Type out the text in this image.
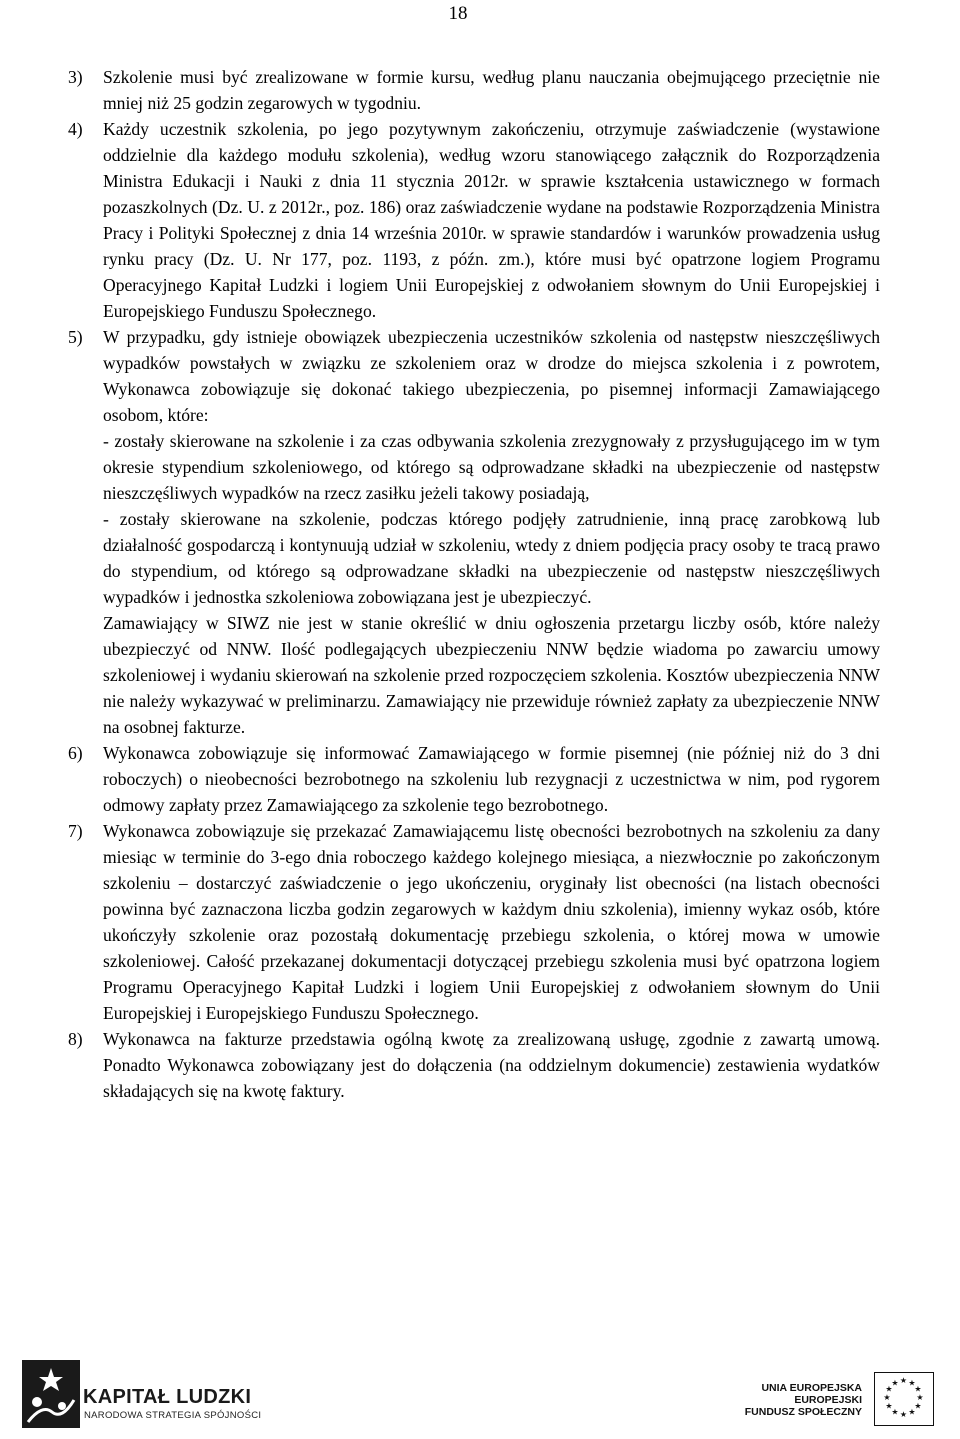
18
3)	Szkolenie musi być zrealizowane w formie kursu, według planu nauczania obejmującego przeciętnie nie mniej niż 25 godzin zegarowych w tygodniu.

4)	Każdy uczestnik szkolenia, po jego pozytywnym zakończeniu, otrzymuje zaświadczenie (wystawione oddzielnie dla każdego modułu szkolenia), według wzoru stanowiącego załącznik do Rozporządzenia Ministra Edukacji i Nauki z dnia 11 stycznia 2012r. w sprawie kształcenia ustawicznego w formach pozaszkolnych (Dz. U. z 2012r., poz. 186) oraz zaświadczenie wydane na podstawie Rozporządzenia Ministra Pracy i Polityki Społecznej z dnia 14 września 2010r. w sprawie standardów i warunków prowadzenia usług rynku pracy (Dz. U. Nr 177, poz. 1193, z późn. zm.), które musi być opatrzone logiem Programu Operacyjnego Kapitał Ludzki i logiem Unii Europejskiej z odwołaniem słownym do Unii Europejskiej i Europejskiego Funduszu Społecznego.

5)	W przypadku, gdy istnieje obowiązek ubezpieczenia uczestników szkolenia od następstw nieszczęśliwych wypadków powstałych w związku ze szkoleniem oraz w drodze do miejsca szkolenia i z powrotem, Wykonawca zobowiązuje się dokonać takiego ubezpieczenia, po pisemnej informacji Zamawiającego osobom, które:

- zostały skierowane na szkolenie i za czas odbywania szkolenia zrezygnowały z przysługującego im w tym okresie stypendium szkoleniowego, od którego są odprowadzane składki na ubezpieczenie od następstw nieszczęśliwych wypadków na rzecz zasiłku jeżeli takowy posiadają,

- zostały skierowane na szkolenie, podczas którego podjęły zatrudnienie, inną pracę zarobkową lub działalność gospodarczą i kontynuują udział w szkoleniu, wtedy z dniem podjęcia pracy osoby te tracą prawo do stypendium, od którego są odprowadzane składki na ubezpieczenie od następstw nieszczęśliwych wypadków i jednostka szkoleniowa zobowiązana jest je ubezpieczyć.

Zamawiający w SIWZ nie jest w stanie określić w dniu ogłoszenia przetargu liczby osób, które należy ubezpieczyć od NNW. Ilość podlegających ubezpieczeniu NNW będzie wiadoma po zawarciu umowy szkoleniowej i wydaniu skierowań na szkolenie przed rozpoczęciem szkolenia. Kosztów ubezpieczenia NNW nie należy wykazywać w preliminarzu. Zamawiający nie przewiduje również zapłaty za ubezpieczenie NNW na osobnej fakturze.

6)	Wykonawca zobowiązuje się informować Zamawiającego w formie pisemnej (nie później niż do 3 dni roboczych) o nieobecności bezrobotnego na szkoleniu lub rezygnacji z uczestnictwa w nim, pod rygorem odmowy zapłaty przez Zamawiającego za szkolenie tego bezrobotnego.

7)	Wykonawca zobowiązuje się przekazać Zamawiającemu listę obecności bezrobotnych na szkoleniu za dany miesiąc w terminie do 3-ego dnia roboczego każdego kolejnego miesiąca, a niezwłocznie po zakończonym szkoleniu – dostarczyć zaświadczenie o jego ukończeniu, oryginały list obecności (na listach obecności powinna być zaznaczona liczba godzin zegarowych w każdym dniu szkolenia), imienny wykaz osób, które ukończyły szkolenie oraz pozostałą dokumentację przebiegu szkolenia, o której mowa w umowie szkoleniowej. Całość przekazanej dokumentacji dotyczącej przebiegu szkolenia musi być opatrzona logiem Programu Operacyjnego Kapitał Ludzki i logiem Unii Europejskiej z odwołaniem słownym do Unii Europejskiej i Europejskiego Funduszu Społecznego.

8)	Wykonawca na fakturze przedstawia ogólną kwotę za zrealizowaną usługę, zgodnie z zawartą umową. Ponadto Wykonawca zobowiązany jest do dołączenia (na oddzielnym dokumencie) zestawienia wydatków składających się na kwotę faktury.

KAPITAŁ LUDZKI
NARODOWA STRATEGIA SPÓJNOŚCI
UNIA EUROPEJSKA
EUROPEJSKI
FUNDUSZ SPOŁECZNY
★ ★
★
★
★
★
★
★
★
★
★
★
